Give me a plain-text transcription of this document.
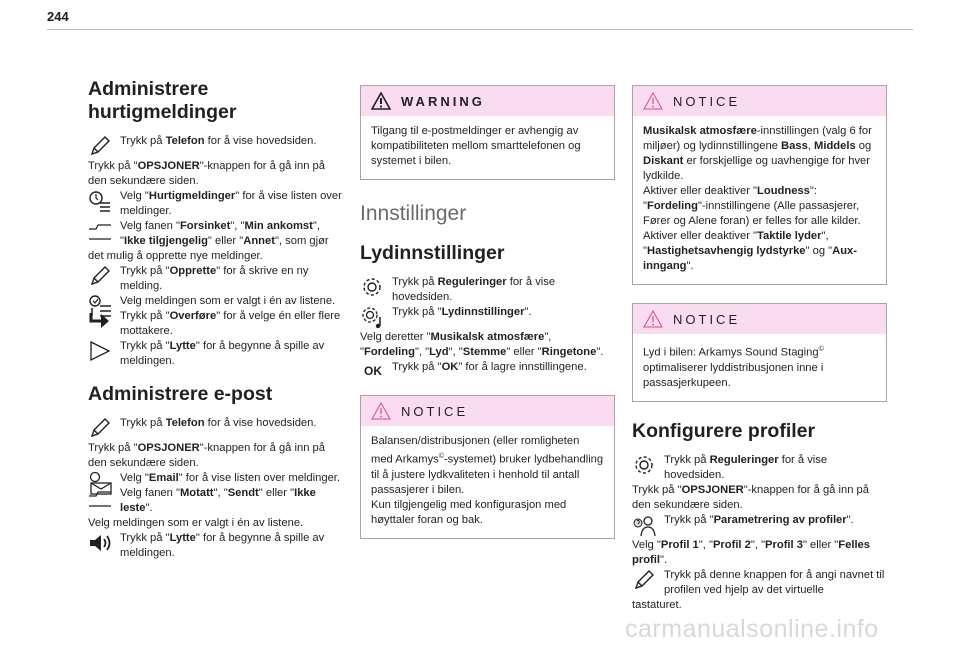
244
Administrere
hurtigmeldinger
Trykk på Telefon for å vise hovedsiden.

Trykk på "OPSJONER"-knappen for å gå inn på den sekundære siden.

Velg "Hurtigmeldinger" for å vise listen over meldinger.
Velg fanen "Forsinket", "Min ankomst", "Ikke tilgjengelig" eller "Annet", som gjør

det mulig å opprette nye meldinger.

Trykk på "Opprette" for å skrive en ny melding.
Velg meldingen som er valgt i én av listene.
Trykk på "Overføre" for å velge én eller flere mottakere.
Trykk på "Lytte" for å begynne å spille av meldingen.
Administrere e-post
Trykk på Telefon for å vise hovedsiden.

Trykk på "OPSJONER"-knappen for å gå inn på den sekundære siden.

Velg "Email" for å vise listen over meldinger.
Velg fanen "Motatt", "Sendt" eller "Ikke leste".

Velg meldingen som er valgt i én av listene.

Trykk på "Lytte" for å begynne å spille av meldingen.
WARNING
Tilgang til e-postmeldinger er avhengig av kompatibiliteten mellom smarttelefonen og systemet i bilen.
Innstillinger
Lydinnstillinger
Trykk på Reguleringer for å vise hovedsiden.
Trykk på "Lydinnstillinger".

Velg deretter "Musikalsk atmosfære", "Fordeling", "Lyd", "Stemme" eller "Ringetone".

OK Trykk på "OK" for å lagre innstillingene.
NOTICE
Balansen/distribusjonen (eller romligheten med Arkamys©-systemet) bruker lydbehandling til å justere lydkvaliteten i henhold til antall passasjerer i bilen.
Kun tilgjengelig med konfigurasjon med høyttaler foran og bak.
NOTICE
Musikalsk atmosfære-innstillingen (valg 6 for miljøer) og lydinnstillingene Bass, Middels og Diskant er forskjellige og uavhengige for hver lydkilde.
Aktiver eller deaktiver "Loudness":
"Fordeling"-innstillingene (Alle passasjerer, Fører og Alene foran) er felles for alle kilder.
Aktiver eller deaktiver "Taktile lyder", "Hastighetsavhengig lydstyrke" og "Aux-inngang".
NOTICE
Lyd i bilen: Arkamys Sound Staging© optimaliserer lyddistribusjonen inne i passasjerkupeen.
Konfigurere profiler
Trykk på Reguleringer for å vise hovedsiden.

Trykk på "OPSJONER"-knappen for å gå inn på den sekundære siden.

Trykk på "Parametrering av profiler".

Velg "Profil 1", "Profil 2", "Profil 3" eller "Felles profil".

Trykk på denne knappen for å angi navnet til profilen ved hjelp av det virtuelle

tastaturet.

carmanualsonline.info
